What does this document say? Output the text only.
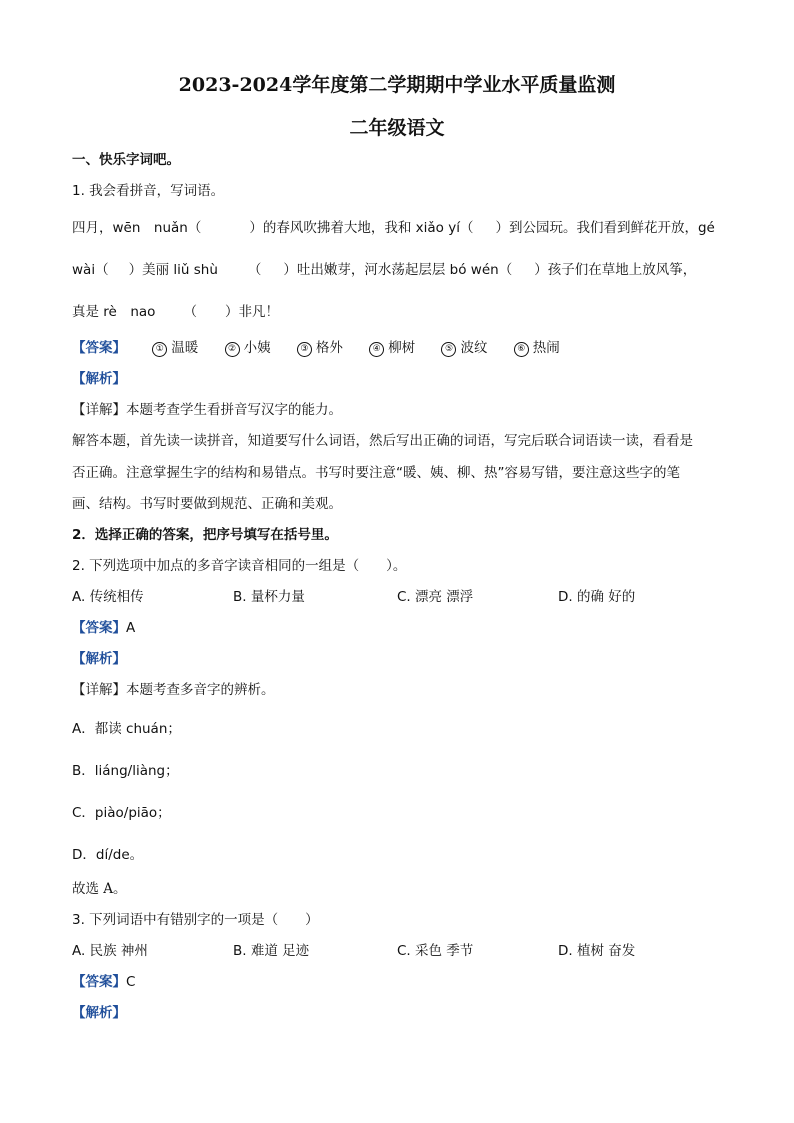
2023-2024学年度第二学期期中学业水平质量监测
二年级语文
一、快乐字词吧。
1. 我会看拼音，写词语。
四月，wēn　nuǎn（	）的春风吹拂着大地，我和 xiǎo yí（ ）到公园玩。我们看到鲜花开放，gé
wài（ ）美丽 liǔ shù （ ）吐出嫩芽，河水荡起层层 bó wén（ ）孩子们在草地上放风筝，
真是 rè　nao （ ）非凡！
【答案】	① 温暖	② 小姨	③ 格外	④ 柳树	⑤ 波纹	⑥ 热闹
【解析】
【详解】本题考查学生看拼音写汉字的能力。
解答本题，首先读一读拼音，知道要写什么词语，然后写出正确的词语，写完后联合词语读一读，看看是
否正确。注意掌握生字的结构和易错点。书写时要注意“暖、姨、柳、热”容易写错，要注意这些字的笔
画、结构。书写时要做到规范、正确和美观。
2．选择正确的答案，把序号填写在括号里。
2. 下列选项中加点的多音字读音相同的一组是（　　）。
A. 传统相传	B. 量杯力量	C. 漂亮 漂浮	D. 的确 好的
【答案】A
【解析】
【详解】本题考查多音字的辨析。
A．都读 chuán；
B．liáng/liàng；
C．piào/piāo；
D．dí/de。
故选 A。
3. 下列词语中有错别字的一项是（　　）
A. 民族 神州	B. 难道 足迹	C. 采色 季节	D. 植树 奋发
【答案】C
【解析】
